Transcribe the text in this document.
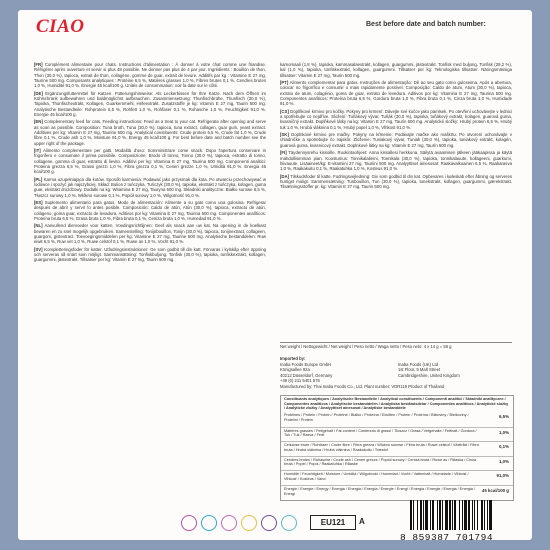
CIAO	Best before date and batch number:

[FR] Complément alimentaire pour chats. Instructions d'alimentation : À donner à votre chat comme une friandise. Réfrigérer après ouverture et servir si plus 48 possible. Ne donner pas plus de 4 par jour. Ingrédients : Bouillon de thon, Thon (30,0 %), tapioca, extrait de thon, collagène, gomme de guar, extrait de levure. Additifs par kg : Vitamine E 27 mg, Taurine 500 mg. Composants analytiques : Protéine 6,5 %, Matières grasses 1,0 %, Fibres brutes 0,1 %, Cendres brutes 1,0 %, Humidité 91,0 %. Énergie 45 kcal/100 g. Unités de consommation: voir la date sur le côté.

[DE] Ergänzungsfuttermittel für Katzen. Fütterungshinweise: Als Leckerbissen für Ihre Katze. Nach dem Öffnen im Kühlschrank aufbewahren und baldmöglichst aufbrauchen. Zusammensetzung: Thunfischbrühe, Thunfisch (30,0 %), Tapioka, Thunfischextrakt, Kollagen, Guarkernmehl, Hefeextrakt. Zusatzstoffe je kg: Vitamin E 27 mg, Taurin 500 mg. Analytische Bestandteile: Rohprotein 6,5 %, Rohfett 1,0 %, Rohfaser 0,1 %, Rohasche 1,0 %, Feuchtigkeit 91,0 %. Energie 45 kcal/100 g.

[EN] Complementary feed for cats. Feeding instructions: Feed as a treat to your cat. Refrigerate after opening and serve as soon as possible. Composition: Tuna broth, Tuna (30,0 %), tapioca, tuna extract, collagen, guar gum, yeast extract. Additives per kg: Vitamin E 27 mg, Taurine 500 mg. Analytical constituents: Crude protein 6,5 %, Crude fat 1,0 %, Crude fibre 0,1 %, Crude ash 1,0 %, Moisture 91,0 %. Energy 45 kcal/100 g. For best before date and batch number see the upper right of the package.

[IT] Alimento complementare per gatti. Modalità d'uso: Somministrare come snack. Dopo l'apertura conservare in frigorifero e consumare il prima possibile. Composizione: Brodo di tonno, Tonno (30,0 %), tapioca, estratto di tonno, collagene, gomma di guar, estratto di lievito. Additivi per kg: Vitamina E 27 mg, Taurina 500 mg. Componenti analitici: Proteina grezza 6,5 %, Grassi grezzi 1,0 %, Fibra grezza 0,1 %, Ceneri grezze 1,0 %, Umidità 91,0 %. Energia 45 kcal/100 g.

[PL] Karma uzupełniająca dla kotów. Sposób karmienia: Podawać jako przysmak dla kota. Po otwarciu przechowywać w lodówce i spożyć jak najszybciej. Skład: Bulion z tuńczyka, Tuńczyk (30,0 %), tapioka, ekstrakt z tuńczyka, kolagen, guma guar, ekstrakt drożdżowy. Dodatki na kg: Witamina E 27 mg, Tauryna 500 mg. Składniki analityczne: Białko surowe 6,5 %, Tłuszcz surowy 1,0 %, Włókno surowe 0,1 %, Popiół surowy 1,0 %, Wilgotność 91,0 %.

[ES] Suplemento alimentario para gatos. Modo de alimentación: Alimente a su gato como una golosina. Refrigerar después de abrir y servir lo antes posible. Composición: Caldo de atún, Atún (30,0 %), tapioca, extracto de atún, colágeno, goma guar, extracto de levadura. Aditivos por kg: Vitamina E 27 mg, Taurina 500 mg. Componentes analíticos: Proteína bruta 6,5 %, Grasa bruta 1,0 %, Fibra bruta 0,1 %, Ceniza bruta 1,0 %, Humedad 91,0 %.

[NL] Aanvullend diervoeder voor katten. Voedingsrichtlijnen: Geef als snack aan uw kat. Na opening in de koelkast bewaren en zo snel mogelijk opgebruiken. Samenstelling: Tonijnbouillon, Tonijn (30,0 %), tapioca, tonijnextract, collageen, guargom, gistextract. Toevoegingsmiddelen per kg: Vitamine E 27 mg, Taurine 500 mg. Analytische bestanddelen: Ruw eiwit 6,5 %, Ruw vet 1,0 %, Ruwe celstof 0,1 %, Ruwe as 1,0 %, Vocht 91,0 %.

[SV] Kompletteringsfoder för katter. Utfodringsinstruktioner: Ge som godbit till din katt. Förvaras i kylskåp efter öppning och serveras så snart som möjligt. Sammansättning: Tonfiskbuljong, Tonfisk (30,0 %), tapioka, tonfiskextrakt, kollagen, guargummi, jästextrakt. Tillsatser per kg: Vitamin E 27 mg, Taurin 500 mg.

kamomaali (1,8 %), tapioka, kammasalaextrakt, kollagen, guargummi, jästextrakt. Tonfisk med buljong. Tonfisk (28,2 %), kal (1,0 %), tapioka, tonfiskextrakt, kollagen, guargummi. Tillsatser per kg: Teknologiska tillsatser. Näringsmässiga tillsatser: Vitamin E 27 mg, Taurin 500 mg.

[PT] Alimento complementar para gatos. Instruções de alimentação: Dê ao seu gato como guloseima. Após a abertura, colocar no frigorífico e consumir o mais rapidamente possível. Composição: Caldo de atum, Atum (30,0 %), tapioca, extrato de atum, colagénio, goma de guar, extrato de levedura. Aditivos por kg: Vitamina E 27 mg, Taurina 500 mg. Componentes analíticos: Proteína bruta 6,5 %, Gordura bruta 1,0 %, Fibra bruta 0,1 %, Cinza bruta 1,0 %, Humidade 91,0 %.

[CS] Doplňkové krmivo pro kočky. Pokyny pro krmení: Dávejte své kočce jako pamlsek. Po otevření uchovávejte v lednici a spotřebujte co nejdříve. Složení: Tuňákový vývar, Tuňák (30,0 %), tapioka, tuňákový extrakt, kolagen, guarová guma, kvasničný extrakt. Doplňkové látky na kg: Vitamin E 27 mg, Taurin 500 mg. Analytické složky: Hrubý protein 6,5 %, Hrubý tuk 1,0 %, Hrubá vláknina 0,1 %, Hrubý popel 1,0 %, Vlhkost 91,0 %.

[SK] Doplnkové krmivo pre mačky. Pokyny na kŕmenie: Podávajte mačke ako maškrtu. Po otvorení uchovávajte v chladničke a spotrebujte čo najskôr. Zloženie: Tuniakový vývar, Tuniak (30,0 %), tapioka, tuniakový extrakt, kolagén, guarová guma, kvasnicový extrakt. Doplnkové látky na kg: Vitamín E 27 mg, Taurín 500 mg.

[FI] Täydennysrehu kissoille. Ruokintaohjeet: Anna kissallesi herkkuna. Säilytä avaamisen jälkeen jääkaapissa ja käytä mahdollisimman pian. Koostumus: Tonnikalaliemi, Tonnikala (30,0 %), tapioka, tonnikalauute, kollageeni, guarkumi, hiivauute. Lisäaineet/kg: E-vitamiini 27 mg, Tauriini 500 mg. Analyyttiset ainesosat: Raakavalkuainen 6,5 %, Raakarasva 1,0 %, Raakakuitu 0,1 %, Raakatuhka 1,0 %, Kosteus 91,0 %.

[DA] Tilskudsfoder til katte. Fodringsvejledning: Giv som godbid til din kat. Opbevares i køleskab efter åbning og serveres hurtigst muligt. Sammensætning: Tunbouillon, Tun (30,0 %), tapioka, tunekstrakt, kollagen, guargummi, gærekstrakt. Tilsætningsstoffer pr. kg: Vitamin E 27 mg, Taurin 500 mg.

Net weight / Nettogewicht / Net weight / Peso netto / Waga netto / Peso neto: 4 x 14 g = 56 g
Imported by:
Inaba Foods Europe GmbH
Königsallee 92a
40212 Düsseldorf, Germany
+49 (0) 211 5401 576
Inaba Foods (UK) Ltd
1st Floor, 9 Malt Street
Cambridgeshire, United Kingdom
Manufactured by: Thai Inaba Foods Co., Ltd. Plant number: VDR119 Product of Thailand
Constituants analytiques / Analytische Bestandteile / Analytical constituents / Componenti analitici / Składniki analityczne / Componentes analíticos / Analytische bestanddelen / Analytiska beståndsdelar / Componentes analíticos / Analytické složky / Analytické zložky / Analyyttiset ainesosat / Analytiske bestanddele
Protéines / Protein / Protein / Proteine / Białko / Proteína / Eiwitten / Protein / Proteína / Bílkoviny / Bielkoviny / Proteiini / Protein
6,5%
Matières grasses / Fettgehalt / Fat content / Contenuto di grassi / Tłuszcz / Grasa / Vetgehalte / Fetthalt / Gordura / Tuk / Tuk / Rasva / Fedt
1,0%
Cellulose brute / Rohfaser / Crude fibre / Fibra grezza / Włókno surowe / Fibra bruta / Ruwe celstof / Växttråd / Fibra bruta / Hrubá vláknina / Hrubá vláknina / Raakakuitu / Træstof
0,1%
Cendres brutes / Rohasche / Crude ash / Ceneri grezze / Popiół surowy / Ceniza bruta / Ruwe as / Råaska / Cinza bruta / Popel / Popol / Raakatuhka / Råaske
1,0%
Humidité / Feuchtigkeit / Moisture / Umidità / Wilgotność / Humedad / Vocht / Vattenhalt / Humidade / Vlhkost / Vlhkosť / Kosteus / Vand
91,0%
Énergie / Energie / Energy / Energia / Energia / Energía / Energie / Energi / Energia / Energie / Energia / Energia / Energi
45 kcal/100 g
EU121	A
8 859387 701794
